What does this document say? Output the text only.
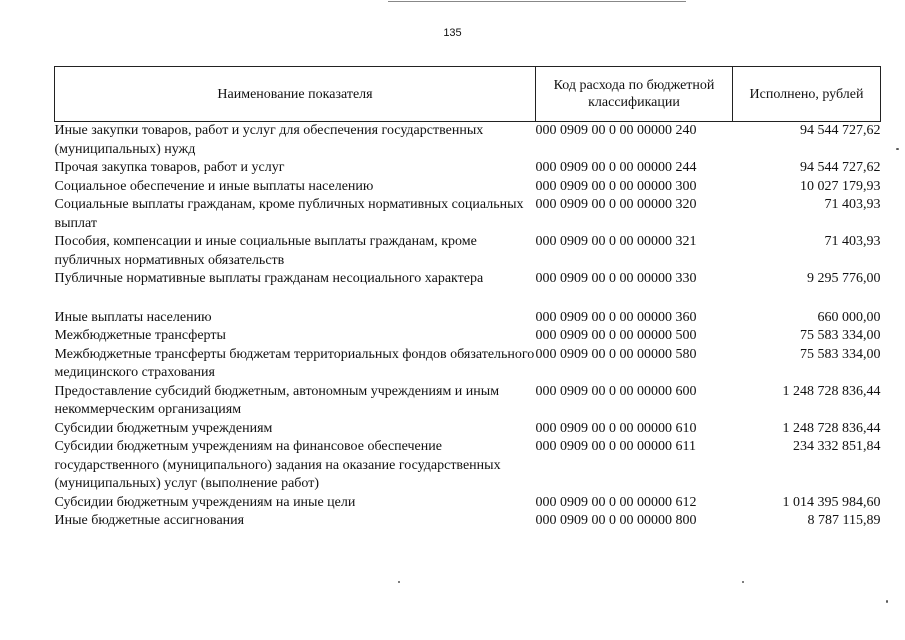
135
Наименование показателя	Код расхода по бюджетной классификации	Исполнено, рублей
Иные закупки товаров, работ и услуг для обеспечения государственных (муниципальных) нужд	000 0909 00 0 00 00000 240	94 544 727,62
Прочая закупка товаров, работ и услуг	000 0909 00 0 00 00000 244	94 544 727,62
Социальное обеспечение и иные выплаты населению	000 0909 00 0 00 00000 300	10 027 179,93
Социальные выплаты гражданам, кроме публичных нормативных социальных выплат	000 0909 00 0 00 00000 320	71 403,93
Пособия, компенсации и иные социальные выплаты гражданам, кроме публичных нормативных обязательств	000 0909 00 0 00 00000 321	71 403,93
Публичные нормативные выплаты гражданам несоциального характера	000 0909 00 0 00 00000 330	9 295 776,00

Иные выплаты населению	000 0909 00 0 00 00000 360	660 000,00
Межбюджетные трансферты	000 0909 00 0 00 00000 500	75 583 334,00
Межбюджетные трансферты бюджетам территориальных фондов обязательного медицинского страхования	000 0909 00 0 00 00000 580	75 583 334,00
Предоставление субсидий бюджетным, автономным учреждениям и иным некоммерческим организациям	000 0909 00 0 00 00000 600	1 248 728 836,44
Субсидии бюджетным учреждениям	000 0909 00 0 00 00000 610	1 248 728 836,44
Субсидии бюджетным учреждениям на финансовое обеспечение государственного (муниципального) задания на оказание государственных (муниципальных) услуг (выполнение работ)	000 0909 00 0 00 00000 611	234 332 851,84
Субсидии бюджетным учреждениям на иные цели	000 0909 00 0 00 00000 612	1 014 395 984,60
Иные бюджетные ассигнования	000 0909 00 0 00 00000 800	8 787 115,89
